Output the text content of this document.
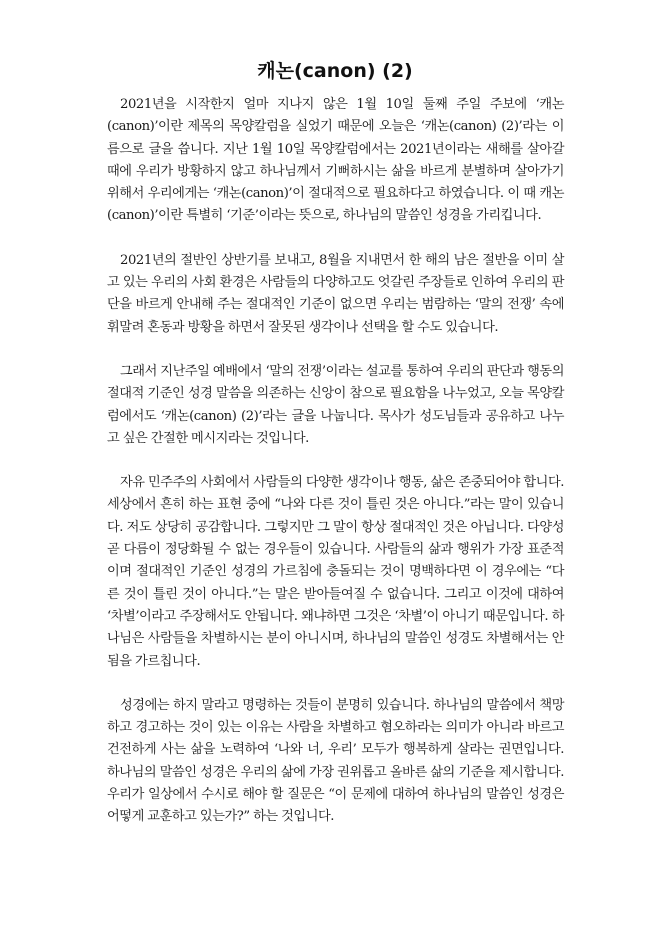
캐논(canon) (2)

2021년을 시작한지 얼마 지나지 않은 1월 10일 둘째 주일 주보에 ‘캐논(canon)’이란 제목의 목양칼럼을 실었기 때문에 오늘은 ‘캐논(canon) (2)’라는 이름으로 글을 씁니다. 지난 1월 10일 목양칼럼에서는 2021년이라는 새해를 살아갈 때에 우리가 방황하지 않고 하나님께서 기뻐하시는 삶을 바르게 분별하며 살아가기 위해서 우리에게는 ‘캐논(canon)’이 절대적으로 필요하다고 하였습니다. 이 때 캐논(canon)’이란 특별히 ‘기준’이라는 뜻으로, 하나님의 말씀인 성경을 가리킵니다.

2021년의 절반인 상반기를 보내고, 8월을 지내면서 한 해의 남은 절반을 이미 살고 있는 우리의 사회 환경은 사람들의 다양하고도 엇갈린 주장들로 인하여 우리의 판단을 바르게 안내해 주는 절대적인 기준이 없으면 우리는 범람하는 ‘말의 전쟁’ 속에 휘말려 혼동과 방황을 하면서 잘못된 생각이나 선택을 할 수도 있습니다.

그래서 지난주일 예배에서 ‘말의 전쟁’이라는 설교를 통하여 우리의 판단과 행동의 절대적 기준인 성경 말씀을 의존하는 신앙이 참으로 필요함을 나누었고, 오늘 목양칼럼에서도 ‘캐논(canon) (2)’라는 글을 나눕니다. 목사가 성도님들과 공유하고 나누고 싶은 간절한 메시지라는 것입니다.

자유 민주주의 사회에서 사람들의 다양한 생각이나 행동, 삶은 존중되어야 합니다. 세상에서 흔히 하는 표현 중에 “나와 다른 것이 틀린 것은 아니다.”라는 말이 있습니다. 저도 상당히 공감합니다. 그렇지만 그 말이 항상 절대적인 것은 아닙니다. 다양성 곧 다름이 정당화될 수 없는 경우들이 있습니다. 사람들의 삶과 행위가 가장 표준적이며 절대적인 기준인 성경의 가르침에 충돌되는 것이 명백하다면 이 경우에는 “다른 것이 틀린 것이 아니다.”는 말은 받아들여질 수 없습니다. 그리고 이것에 대하여 ‘차별’이라고 주장해서도 안됩니다. 왜냐하면 그것은 ‘차별’이 아니기 때문입니다. 하나님은 사람들을 차별하시는 분이 아니시며, 하나님의 말씀인 성경도 차별해서는 안 됨을 가르칩니다.

성경에는 하지 말라고 명령하는 것들이 분명히 있습니다. 하나님의 말씀에서 책망하고 경고하는 것이 있는 이유는 사람을 차별하고 혐오하라는 의미가 아니라 바르고 건전하게 사는 삶을 노력하여 ‘나와 너, 우리’ 모두가 행복하게 살라는 권면입니다. 하나님의 말씀인 성경은 우리의 삶에 가장 권위롭고 올바른 삶의 기준을 제시합니다. 우리가 일상에서 수시로 해야 할 질문은 “이 문제에 대하여 하나님의 말씀인 성경은 어떻게 교훈하고 있는가?” 하는 것입니다.
